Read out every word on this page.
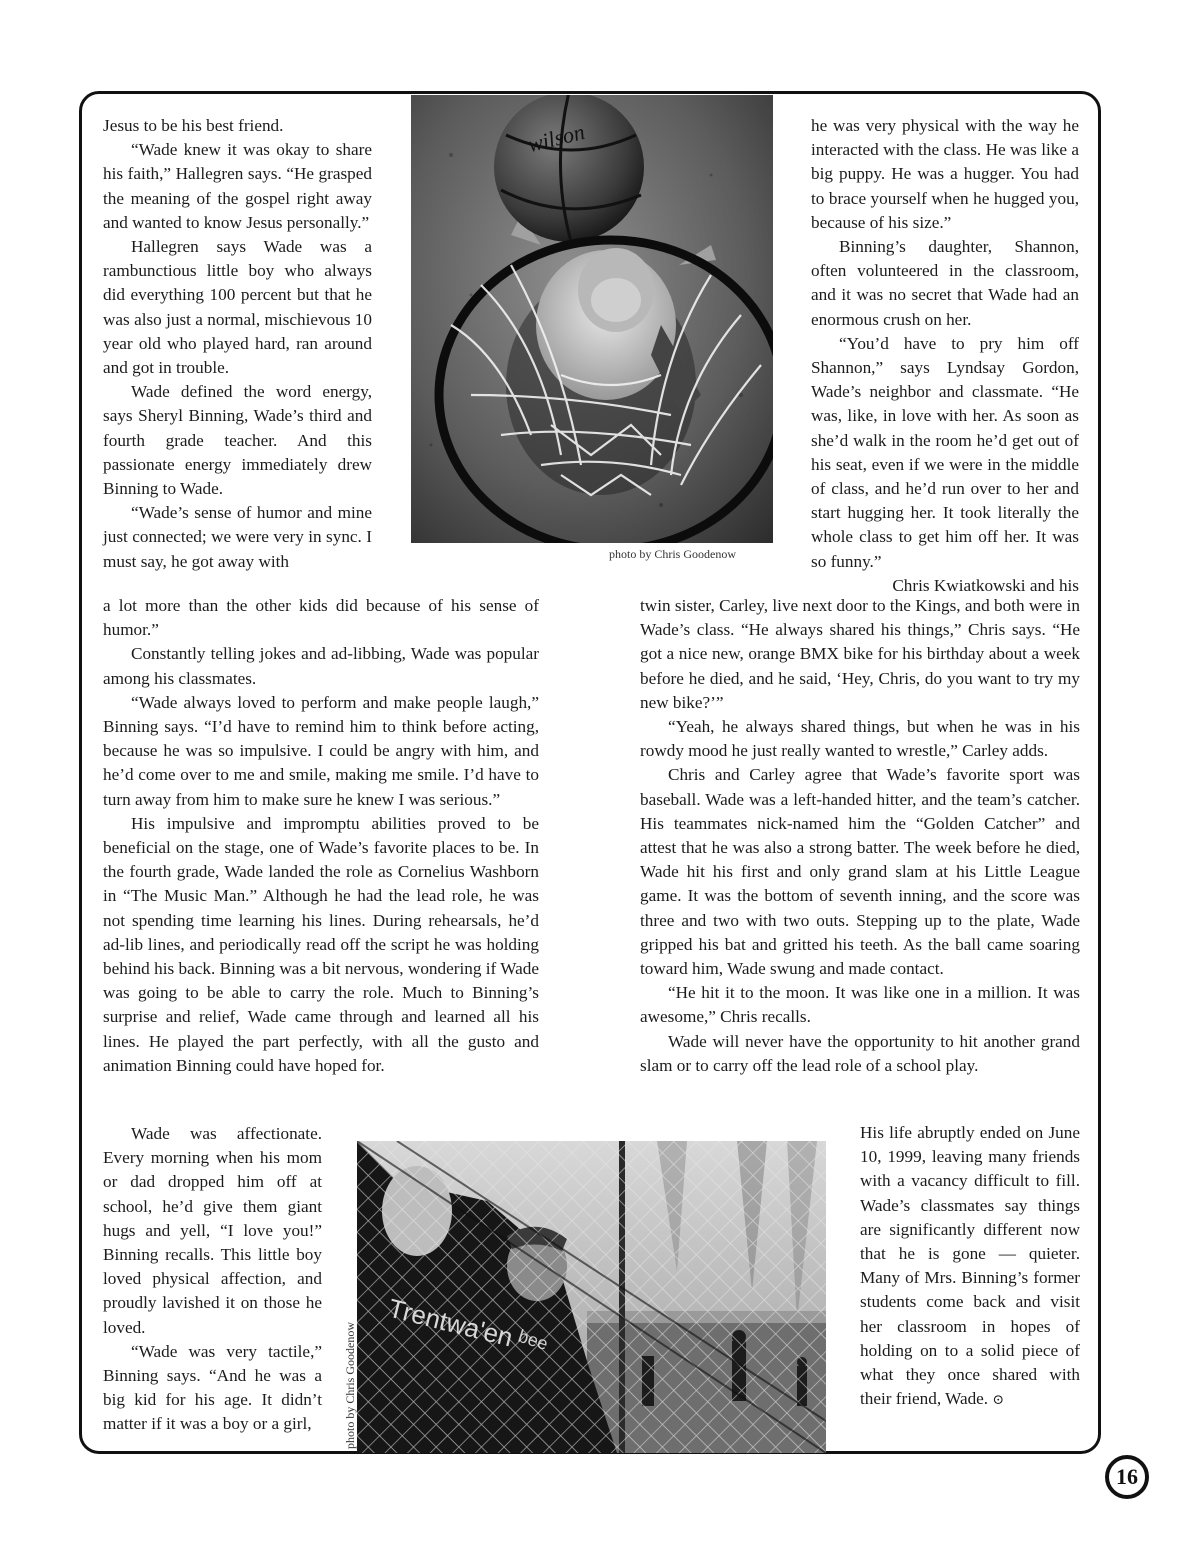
Jesus to be his best friend.

“Wade knew it was okay to share his faith,” Hallegren says. “He grasped the meaning of the gospel right away and wanted to know Jesus personally.”

Hallegren says Wade was a rambunctious little boy who always did everything 100 percent but that he was also just a normal, mischievous 10 year old who played hard, ran around and got in trouble.

Wade defined the word energy, says Sheryl Binning, Wade’s third and fourth grade teacher. And this passionate energy immediately drew Binning to Wade.

“Wade’s sense of humor and mine just connected; we were very in sync. I must say, he got away with

a lot more than the other kids did because of his sense of humor.”

Constantly telling jokes and ad-libbing, Wade was popular among his classmates.

“Wade always loved to perform and make people laugh,” Binning says. “I’d have to remind him to think before acting, because he was so impulsive. I could be angry with him, and he’d come over to me and smile, making me smile. I’d have to turn away from him to make sure he knew I was serious.”

His impulsive and impromptu abilities proved to be beneficial on the stage, one of Wade’s favorite places to be. In the fourth grade, Wade landed the role as Cornelius Washborn in “The Music Man.” Although he had the lead role, he was not spending time learning his lines. During rehearsals, he’d ad-lib lines, and periodically read off the script he was holding behind his back. Binning was a bit nervous, wondering if Wade was going to be able to carry the role. Much to Binning’s surprise and relief, Wade came through and learned all his lines. He played the part perfectly, with all the gusto and animation Binning could have hoped for.

Wade was affectionate. Every morning when his mom or dad dropped him off at school, he’d give them giant hugs and yell, “I love you!” Binning recalls. This little boy loved physical affection, and proudly lavished it on those he loved.

“Wade was very tactile,” Binning says. “And he was a big kid for his age. It didn’t matter if it was a boy or a girl,

he was very physical with the way he interacted with the class. He was like a big puppy. He was a hugger. You had to brace yourself when he hugged you, because of his size.”

Binning’s daughter, Shannon, often volunteered in the classroom, and it was no secret that Wade had an enormous crush on her.

“You’d have to pry him off Shannon,” says Lyndsay Gordon, Wade’s neighbor and classmate. “He was, like, in love with her. As soon as she’d walk in the room he’d get out of his seat, even if we were in the middle of class, and he’d run over to her and start hugging her. It took literally the whole class to get him off her. It was so funny.”

Chris Kwiatkowski and his

twin sister, Carley, live next door to the Kings, and both were in Wade’s class. “He always shared his things,” Chris says. “He got a nice new, orange BMX bike for his birthday about a week before he died, and he said, ‘Hey, Chris, do you want to try my new bike?’”

“Yeah, he always shared things, but when he was in his rowdy mood he just really wanted to wrestle,” Carley adds.

Chris and Carley agree that Wade’s favorite sport was baseball. Wade was a left-handed hitter, and the team’s catcher. His teammates nick-named him the “Golden Catcher” and attest that he was also a strong batter. The week before he died, Wade hit his first and only grand slam at his Little League game. It was the bottom of seventh inning, and the score was three and two with two outs. Stepping up to the plate, Wade gripped his bat and gritted his teeth. As the ball came soaring toward him, Wade swung and made contact.

“He hit it to the moon. It was like one in a million. It was awesome,” Chris recalls.

Wade will never have the opportunity to hit another grand slam or to carry off the lead role of a school play.

His life abruptly ended on June 10, 1999, leaving many friends with a vacancy difficult to fill. Wade’s classmates say things are significantly different now that he is gone — quieter. Many of Mrs. Binning’s former students come back and visit her classroom in hopes of holding on to a solid piece of what they once shared with their friend, Wade. ⊙

wilson
photo by Chris Goodenow
photo by Chris Goodenow
16
